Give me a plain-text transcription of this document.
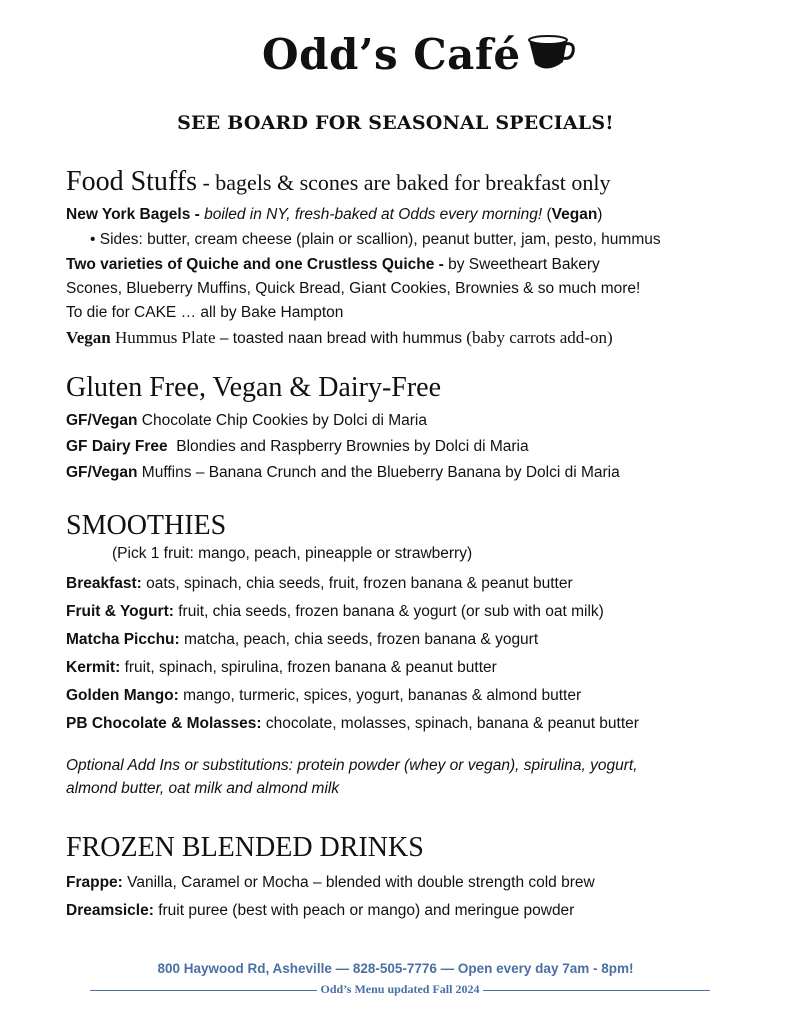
Odd’s Café
SEE BOARD FOR SEASONAL SPECIALS!
Food Stuffs - bagels & scones are baked for breakfast only
New York Bagels - boiled in NY, fresh-baked at Odds every morning! (Vegan)
• Sides: butter, cream cheese (plain or scallion), peanut butter, jam, pesto, hummus
Two varieties of Quiche and one Crustless Quiche - by Sweetheart Bakery
Scones, Blueberry Muffins, Quick Bread, Giant Cookies, Brownies & so much more!
To die for CAKE … all by Bake Hampton
Vegan Hummus Plate – toasted naan bread with hummus (baby carrots add-on)
Gluten Free, Vegan & Dairy-Free
GF/Vegan Chocolate Chip Cookies by Dolci di Maria
GF Dairy Free  Blondies and Raspberry Brownies by Dolci di Maria
GF/Vegan Muffins – Banana Crunch and the Blueberry Banana by Dolci di Maria
SMOOTHIES
(Pick 1 fruit: mango, peach, pineapple or strawberry)
Breakfast: oats, spinach, chia seeds, fruit, frozen banana & peanut butter
Fruit & Yogurt: fruit, chia seeds, frozen banana & yogurt (or sub with oat milk)
Matcha Picchu: matcha, peach, chia seeds, frozen banana & yogurt
Kermit: fruit, spinach, spirulina, frozen banana & peanut butter
Golden Mango: mango, turmeric, spices, yogurt, bananas & almond butter
PB Chocolate & Molasses: chocolate, molasses, spinach, banana & peanut butter
Optional Add Ins or substitutions: protein powder (whey or vegan), spirulina, yogurt,
almond butter, oat milk and almond milk
FROZEN BLENDED DRINKS
Frappe: Vanilla, Caramel or Mocha – blended with double strength cold brew
Dreamsicle: fruit puree (best with peach or mango) and meringue powder
800 Haywood Rd, Asheville — 828-505-7776 — Open every day 7am - 8pm!
Odd’s Menu updated Fall 2024
